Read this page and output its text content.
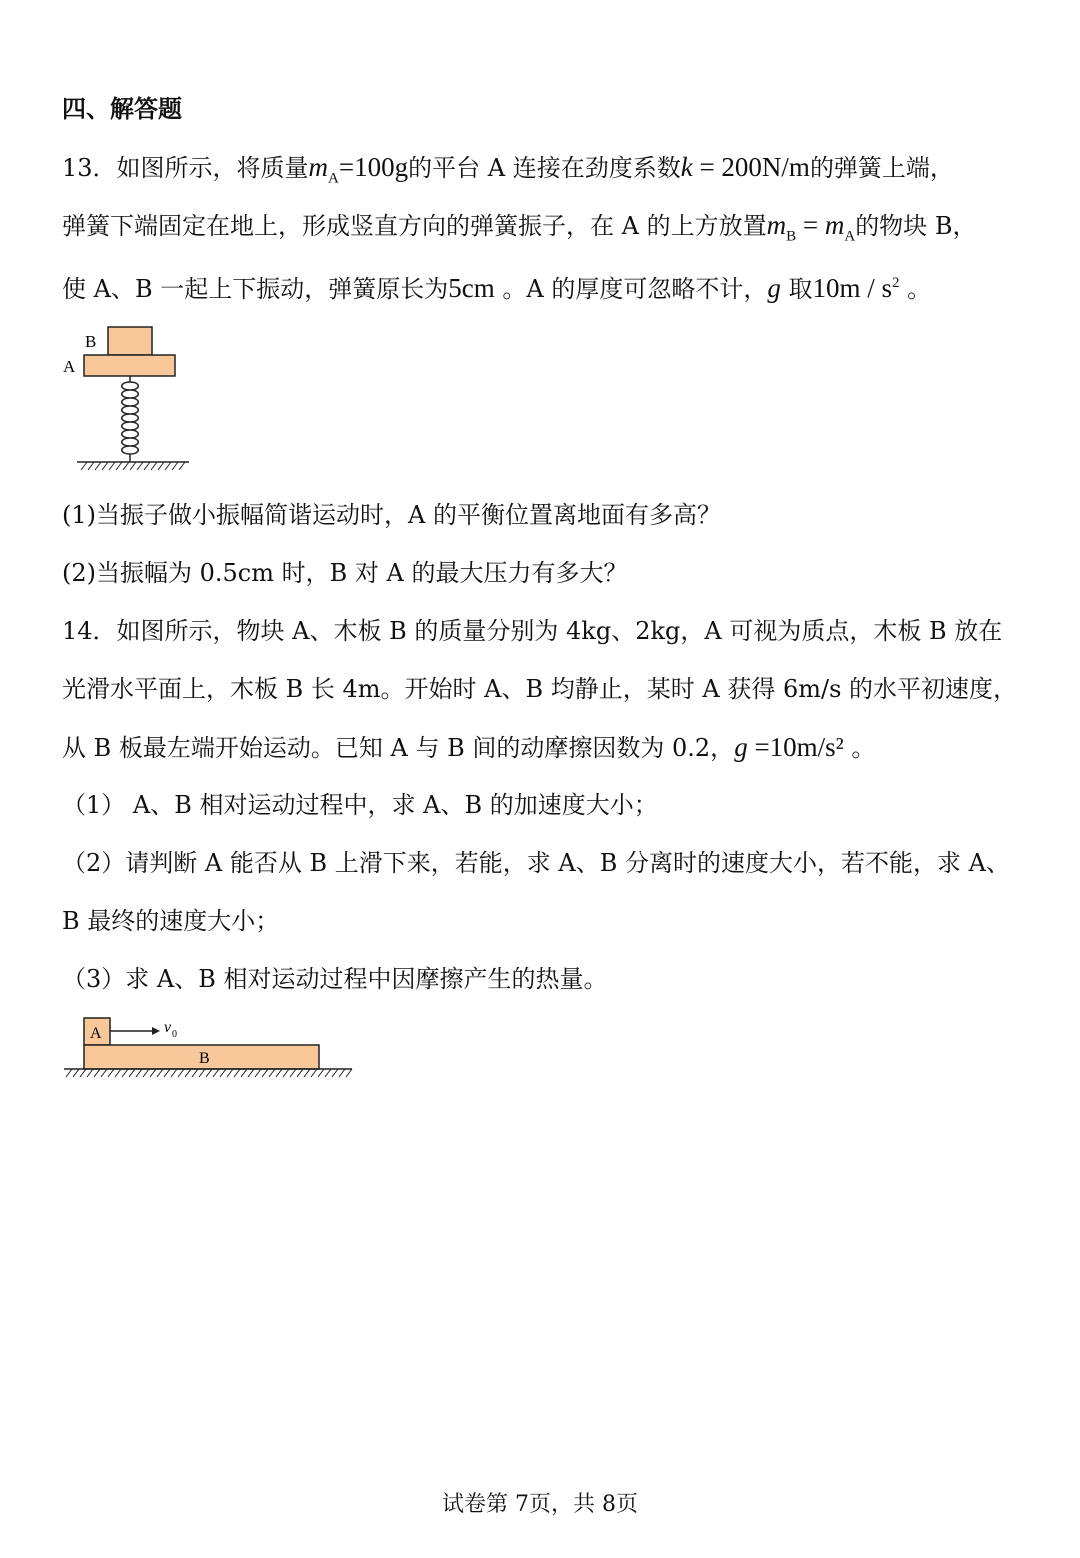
四、解答题
13．如图所示，将质量$m_A=100g$的平台 A 连接在劲度系数k = 200N/m的弹簧上端，
弹簧下端固定在地上，形成竖直方向的弹簧振子，在 A 的上方放置$m_B = m_A$的物块 B，
使 A、B 一起上下振动，弹簧原长为5cm 。A 的厚度可忽略不计，g 取$10m / s^2$ 。
B
A
(1)当振子做小振幅简谐运动时，A 的平衡位置离地面有多高？
(2)当振幅为 0.5cm 时，B 对 A 的最大压力有多大？
14．如图所示，物块 A、木板 B 的质量分别为 4kg、2kg，A 可视为质点，木板 B 放在
光滑水平面上，木板 B 长 4m。开始时 A、B 均静止，某时 A 获得 6m/s 的水平初速度，
从 B 板最左端开始运动。已知 A 与 B 间的动摩擦因数为 0.2，g =10m/s² 。
（1） A、B 相对运动过程中，求 A、B 的加速度大小；
（2）请判断 A 能否从 B 上滑下来，若能，求 A、B 分离时的速度大小，若不能，求 A、
B 最终的速度大小；
（3）求 A、B 相对运动过程中因摩擦产生的热量。
A	v 0
B
试卷第 7页，共 8页
